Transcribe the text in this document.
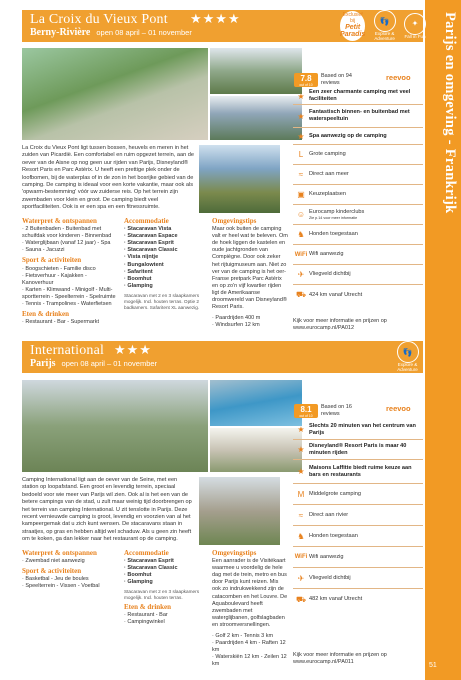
Parijs en omgeving - Frankrijk
51
La Croix du Vieux Pont ★★★★
Berny-Rivière open 08 april – 01 november
Exclusief bij
Petit
Paradis
👣
Explore & Adventure
✦
Fall in Fun
La Croix du Vieux Pont ligt tussen bossen, heuvels en meren in het zuiden van Picardië. Een comfortabel en ruim opgezet terrein, aan de oever van de Aisne op nog geen uur rijden van Parijs, Disneyland® Resort Paris en Parc Astérix. U heeft een prettige plek onder de loofbomen, bij de waterplas of in de zon in het bosrijke gebied van de camping. De camping is ideaal voor een korte vakantie, maar ook als 'opwarm-bestemming' vóór uw zuiderse reis. Op het terrein zijn zwembaden voor klein en groot. De camping biedt veel sportfaciliteiten. Ook is er een spa en een fitnessruimte.
Waterpret & ontspannen
· 2 Buitenbaden - Buitenbad met schuifdak voor kinderen - Binnenbad
· Waterglijbaan (vanaf 12 jaar) - Spa
· Sauna - Jacuzzi
Sport & activiteiten
· Boogschieten - Familie disco
· Fietsverhuur - Kajakken - Kanoverhuur
· Karten - Klimwand - Minigolf - Multi-sportterrein - Speelterrein - Spelruimte
· Tennis - Trampolines - Waterfietsen
Eten & drinken
· Restaurant - Bar - Supermarkt
Accommodatie
· Stacaravan Vista
· Stacaravan Espace
· Stacaravan Esprit
· Stacaravan Classic
· Vista nijntje
· Bungalowtent
· Safaritent
· Boomhut
· Glamping
Stacaravan met 2 en 3 slaapkamers mogelijk. Incl. houten terras. Optie 2 badkamers. Safaritent XL aanwezig.
Omgevingstips
Maar ook buiten de camping valt er heel wat te beleven. Om de hoek liggen de kastelen en oude jachtgronden van Compiègne. Door ook zeker het rijtuigmuseum aan. Niet zo ver van de camping is het oer-Franse pretpark Parc Astérix en op zo'n vijf kwartier rijden ligt de Amerikaanse droomwereld van Disneyland® Resort Paris.
· Paardrijden 400 m
· Windsurfen 12 km
7.8
out of 10
Based on 94 reviews
reevoo
★ Een zeer charmante camping met veel faciliteiten
★ Fantastisch binnen- en buitenbad met waterspeeltuin
★ Spa aanwezig op de camping
L	Grote camping
≈	Direct aan meer
▣ Keuzeplaatsen
☺ Eurocamp kinderclubs
Zie p.14 voor meer informatie
♞ Honden toegestaan
WiFi Wifi aanwezig
✈ Vliegveld dichtbij
⛟ 424 km vanaf Utrecht
Kijk voor meer informatie en prijzen op www.eurocamp.nl/PA012
International ★★★
Parijs open 08 april – 01 november
👣
Explore & Adventure
Camping International ligt aan de oever van de Seine, met een station op loopafstand. Een groot en levendig terrein, speciaal bedoeld voor wie meer van Parijs wil zien. Ook al is het een van de betere campings van de stad, u zult maar weinig tijd doorbrengen op het terrein van camping International. U zit tenslotte in Parijs. Deze recent vernieuwde camping is groot, levendig en voorzien van al het kampeergemak dat u zich kunt wensen. De stacaravans staan in straatjes, op gras en hebben altijd wel schaduw. Als u geen zin heeft om te koken, ga dan lekker naar het restaurant op de camping.
Waterpret & ontspannen
· Zwembad niet aanwezig
Sport & activiteiten
· Basketbal - Jeu de boules
· Speelterrein - Vissen - Voetbal
Accommodatie
· Stacaravan Esprit
· Stacaravan Classic
· Boomhut
· Glamping
Stacaravan met 2 en 3 slaapkamers mogelijk. Incl. houten terras.
Eten & drinken
· Restaurant - Bar
· Campingwinkel
Omgevingstips
Een aanrader is de Visitékaart waarmee u voordelig de hele dag met de trein, metro en bus door Parijs kunt reizen. Mis ook zo indrukwekkend zijn de catacomben en het Louvre. De Aquaboulevard heeft zwembaden met waterglijbanen, golfslagbaden en stroomversnellingen.
· Golf 2 km - Tennis 3 km
· Paardrijden 4 km - Raften 12 km
· Waterskiën 12 km - Zeilen 12 km
8.1
out of 10
Based on 16 reviews
reevoo
★ Slechts 20 minuten van het centrum van Parijs
★ Disneyland® Resort Paris is maar 40 minuten rijden
★ Maisons Laffitte biedt ruime keuze aan bars en restaurants
M Middelgrote camping
≈	Direct aan rivier
♞ Honden toegestaan
WiFi Wifi aanwezig
✈ Vliegveld dichtbij
⛟ 482 km vanaf Utrecht
Kijk voor meer informatie en prijzen op www.eurocamp.nl/PA011
